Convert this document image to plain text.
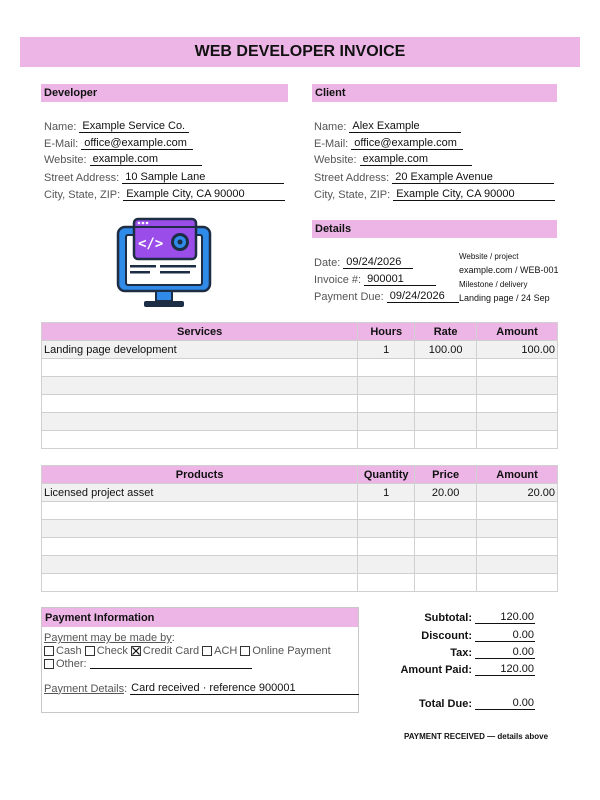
WEB DEVELOPER INVOICE
Developer
Name: Example Service Co.
E-Mail: office@example.com
Website: example.com
Street Address: 10 Sample Lane
City, State, ZIP: Example City, CA 90000
Client
Name: Alex Example
E-Mail: office@example.com
Website: example.com
Street Address: 20 Example Avenue
City, State, ZIP: Example City, CA 90000
</>
Details
Date: 09/24/2026
Invoice #: 900001
Payment Due: 09/24/2026
Website / project
example.com / WEB-001
Milestone / delivery
Landing page / 24 Sep
Services	Hours	Rate	Amount
Landing page development	1	100.00	100.00

Products	Quantity	Price	Amount
Licensed project asset	1	20.00	20.00

Payment Information
Payment may be made by :
Cash Check Credit Card ACH Online Payment
Other:
Payment Details : Card received · reference 900001
Subtotal:	120.00
Discount:	0.00
Tax:	0.00
Amount Paid:	120.00
Total Due:	0.00
PAYMENT RECEIVED — details above
